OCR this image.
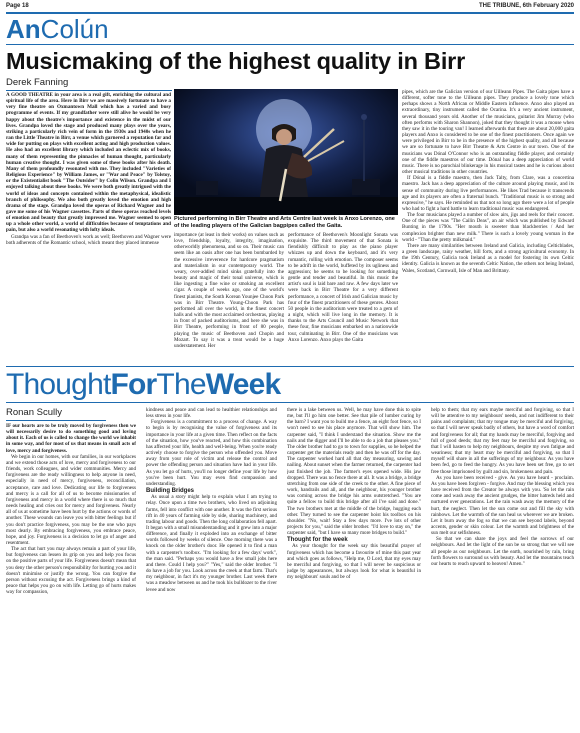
Page 18	THE TRIBUNE, 6th February 2020
AnColún
Musicmaking of the highest quality in Birr
Derek Fanning

A GOOD THEATRE in your area is a real gift, enriching the cultural and spiritual life of the area. Here in Birr we are massively fortunate to have a very fine theatre on Oxmantown Mall which has a varied and busy programme of events. If my grandfather were still alive he would be very happy about the theatre's importance and existence in the midst of our lives. Grandpa loved the stage and produced many plays over the years, striking a particularly rich vein of form in the 1930s and 1940s when he ran the Little Theatre in Birr, a venue which garnered a reputation far and wide for putting on plays with excellent acting and high production values. He also had an excellent library which included an eclectic mix of books, many of them representing the pinnacles of human thought, particularly human creative thought. I was given some of these books after his death. Many of them profoundly resonated with me. They included "Varieties of Religious Experience" by William James, or "War and Peace" by Tolstoy, or the Existentialist book "The Outsider" by Colin Wilson. Grandpa and I enjoyed talking about these books. We were both greatly intrigued with the world of ideas and concepts contained within the metaphysical, idealistic branch of philosophy. We also both greatly loved the emotion and high drama of the stage. Grandpa loved the operas of Richard Wagner and he gave me some of his Wagner cassettes. Parts of these operas reached levels of emotion and beauty that greatly impressed me. Wagner seemed to open up a whole other world, a world of difficulties because of temptations and pain, but also a world resonating with lofty ideals.

Grandpa was a fan of Beethoven's work as well; Beethoven and Wagner were both adherents of the Romantic school, which meant they placed immense

Pictured performing in Birr Theatre and Arts Centre last week is Anxo Lorenzo, one of the leading players of the Galician bagpipes called the Gaita.

importance (at least in their works) on values such as love, friendship, loyalty, integrity, imagination, otherworldly phenomena, and so on. Their music can seem like an oasis after one has been bombarded by the excessive irreverence for hardcore pragmatism and materialism in our contemporary world. The weary, over-addled mind sinks gratefully into the beauty and magic of their tonal universe, which is like ingesting a fine wine or smoking an excellent cigar. A couple of weeks ago, one of the world's finest pianists, the South Korean Younjee Choon Park was in Birr Theatre. Young-Choon Park has performed all over the world, in the finest concert halls and with the most acclaimed orchestras, playing in front of packed auditoriums, and here she was in Birr Theatre, performing in front of 80 people, playing the music of Beethoven and Chopin and Mozart. To say it was a treat would be a huge understatement. Her

performance of Beethoven's Moonlight Sonata was exquisite. The third movement of that Sonata is fiendishly difficult to play as the piano player whizzes up and down the keyboard, and it's very romantic, rolling with emotion. The composer seems to be adrift in the world, buffeted by its ugliness and aggression; he seems to be looking for something gentle and tender and beautiful. In this music the artist's soul is laid bare and raw. A few days later we were back in Birr Theatre for a very different performance, a concert of Irish and Galician music by four of the finest practitioners of these genres. About 50 people in the auditorium were treated to a gem of a night, which will live long in the memory. It is thanks to the Arts Council and Music Network that these four, fine musicians embarked on a nationwide tour, culminating in Birr. One of the musicians was Anxo Lorenzo. Anxo plays the Gaita

pipes, which are the Galician version of our Uilleann Pipes. The Gaita pipes have a different, softer tone to the Uilleann pipes. They produce a lovely tone which perhaps shows a North African or Middle Eastern influence. Anxo also played an extraordinary, tiny instrument called the Ocarina. It's a very ancient instrument, several thousand years old. Another of the musicians, guitarist Jim Murray (who often performs with Sharon Shannon), joked that they thought it was a mouse when they saw it in the touring van! I learned afterwards that there are about 20,000 gaita players and Anxo is considered to be one of the finest practitioners. Once again we were privileged in Birr to be in the presence of the highest quality, and all because we are so fortunate to have Birr Theatre & Arts Centre in our town. One of the musicians was Dónal O'Connor who is an outstanding fiddle player, and certainly one of the fiddle maestros of our time. Dónal has a deep appreciation of world music. There is no parochial blinkerage in his musical tastes and he is curious about other musical traditions in other countries.

If Dónal is a fiddle maestro, then Jack Talty, from Clare, was a concertina maestro. Jack has a deep appreciation of the culture around playing music, and its sense of community during live performances. He likes Trad because it transcends age and its players are often a fraternal bunch. "Traditional music is so strong and expressive," he says. He reminded us that not so long ago there were a lot of people who had to fight a hard battle to learn traditional music was endangered.

The four musicians played a number of slow airs, jigs and reels for their concert. One of the pieces was "The Cailin Deas", an air which was published by Edward Bunting in the 1790s. "Her mouth is sweeter than blackberries / And her complexion brighter than new milk." There is such a lovely young woman in the world - "Than the pretty milkmaid."

There are many similarities between Ireland and Galicia, including Celticblades, a green landscape, rainy weather, hill forts, and a strong agricultural economy. In the 19th Century, Galicia took Ireland as a model for fostering its own Celtic identity. Galicia is known as the seventh Celtic Nation, the others not being Ireland, Wales, Scotland, Cornwall, Isle of Man and Brittany.

ThoughtForTheWeek
Ronan Scully

IF our hearts are to be truly moved by forgiveness then we will necessarily desire to do something good and loving about it. Each of us is called to change the world we inhabit in some way, and for most of us that means in small acts of love, mercy and forgiveness.

We begin in our homes, with our families, in our workplaces and we extend those acts of love, mercy and forgiveness to our friends, work colleagues, and wider communities. Mercy and forgiveness are the ready willingness to help anyone in need, especially in need of mercy, forgiveness, reconciliation, acceptance, care and love. Dedicating our life to forgiveness and mercy is a call for all of us to become missionaries of forgiveness and mercy in a world where there is so much that needs healing and cries out for mercy and forgiveness. Nearly all of us at sometime have been hurt by the actions or words of another. These wounds can leave you with bitter feelings but if you don't practice forgiveness, you may be the one who pays most dearly. By embracing forgiveness, you embrace peace, hope, and joy. Forgiveness is a decision to let go of anger and resentment.

The act that hurt you may always remain a part of your life, but forgiveness can lessen its grip on you and help you focus on the positive parts of your life. Forgiveness doesn't mean that you deny the other person's responsibility for hurting you and it doesn't minimise or justify the wrong. You can forgive the person without excusing the act. Forgiveness brings a kind of peace that helps you go on with life. Letting go of hurts makes way for compassion,

kindness and peace and can lead to healthier relationships and less stress in your life.

Forgiveness is a commitment to a process of change. A way to begin is by recognising the value of forgiveness and its importance in your life at a given time. Then reflect on the facts of the situation, how you've reacted, and how this combination has affected your life, health and well-being. When you're ready actively choose to forgive the person who offended you. Move away from your role of victim and release the control and power the offending person and situation have had in your life. As you let go of hurts, you'll no longer define your life by how you've been hurt. You may even find compassion and understanding.

Building Bridges

As usual a story might help to explain what I am trying to relay. Once upon a time two brothers, who lived on adjoining farms, fell into conflict with one another. It was the first serious rift in 40 years of farming side by side, sharing machinery, and trading labour and goods. Then the long collaboration fell apart. It began with a small misunderstanding and it grew into a major difference, and finally it exploded into an exchange of bitter words followed by weeks of silence. One morning there was a knock on the older brother's door. He opened it to find a man with a carpenter's toolbox. "I'm looking for a few days' work", the man said. "Perhaps you would have a few small jobs here and there. Could I help you?" "Yes," said the older brother. "I do have a job for you. Look across the creek at that farm. That's my neighbour, in fact it's my younger brother. Last week there was a meadow between us and he took his bulldozer to the river levee and now

there is a lake between us. Well, he may have done this to spite me, but I'll go him one better. See that pile of lumber curing by the barn? I want you to build me a fence, an eight foot fence, so I won't need to see his place anymore. That will show him. The carpenter said, "I think I understand the situation. Show me the nails and the digger and I'll be able to do a job that pleases you." The older brother had to go to town for supplies, so he helped the carpenter get the materials ready and then he was off for the day. The carpenter worked hard all that day measuring, sawing and nailing. About sunset when the farmer returned, the carpenter had just finished the job. The farmer's eyes opened wide. His jaw dropped. There was no fence there at all. It was a bridge, a bridge stretching from one side of the creek to the other. A fine piece of work, handrails and all, and the neighbour, his younger brother was coming across the bridge his arms outstretched. "You are quite a fellow to build this bridge after all I've said and done." The two brothers met at the middle of the bridge, hugging each other. They turned to see the carpenter hoist his toolbox on his shoulder. "No, wait! Stay a few days more. I've lots of other projects for you," said the older brother. "I'd love to stay on," the carpenter said, "but I have so many more bridges to build."

Thought for the week

As your thought for the week say this beautiful prayer of forgiveness which has become a favourite of mine this past year and which goes as follows, "Help me, O Lord, that my eyes may be merciful and forgiving, so that I will never be suspicious or judge by appearances, but always look for what is beautiful in my neighbours' souls and be of

help to them; that my ears maybe merciful and forgiving, so that I will be attentive to my neighbours' needs, and not indifferent to their pains and complaints; that my tongue may be merciful and forgiving, so that I will never speak badly of others, but have a word of comfort and forgiveness for all; that my hands may be merciful, forgiving and full of good deeds; that my feet may be merciful and forgiving, so that I will hasten to help my neighbours, despite my own fatigue and weariness; that my heart may be merciful and forgiving, so that I myself will share in all the sufferings of my neighbour. As you have been fed, go to feed the hungry. As you have been set free, go to set free those imprisoned by guilt and sin, brokenness and pain.

As you have been received - give. As you have heard - proclaim. As you have been forgiven - forgive. And may the blessing which you have received from the Creator be always with you. 'So let the rain come and wash away the ancient grudges, the bitter hatreds held and nurtured over generations. Let the rain wash away the memory of the hurt, the neglect. Then let the sun come out and fill the sky with rainbows. Let the warmth of the sun heal us wherever we are broken. Let it burn away the fog so that we can see beyond labels, beyond accents, gender or skin colour. Let the warmth and brightness of the sun melt our selfishness.

So that we can share the joys and feel the sorrows of our neighbours. And let the light of the sun be so strong that we will see all people as our neighbours. Let the earth, nourished by rain, bring forth flowers to surround us with beauty. And let the mountains teach our hearts to reach upward to heaven! Amen."
